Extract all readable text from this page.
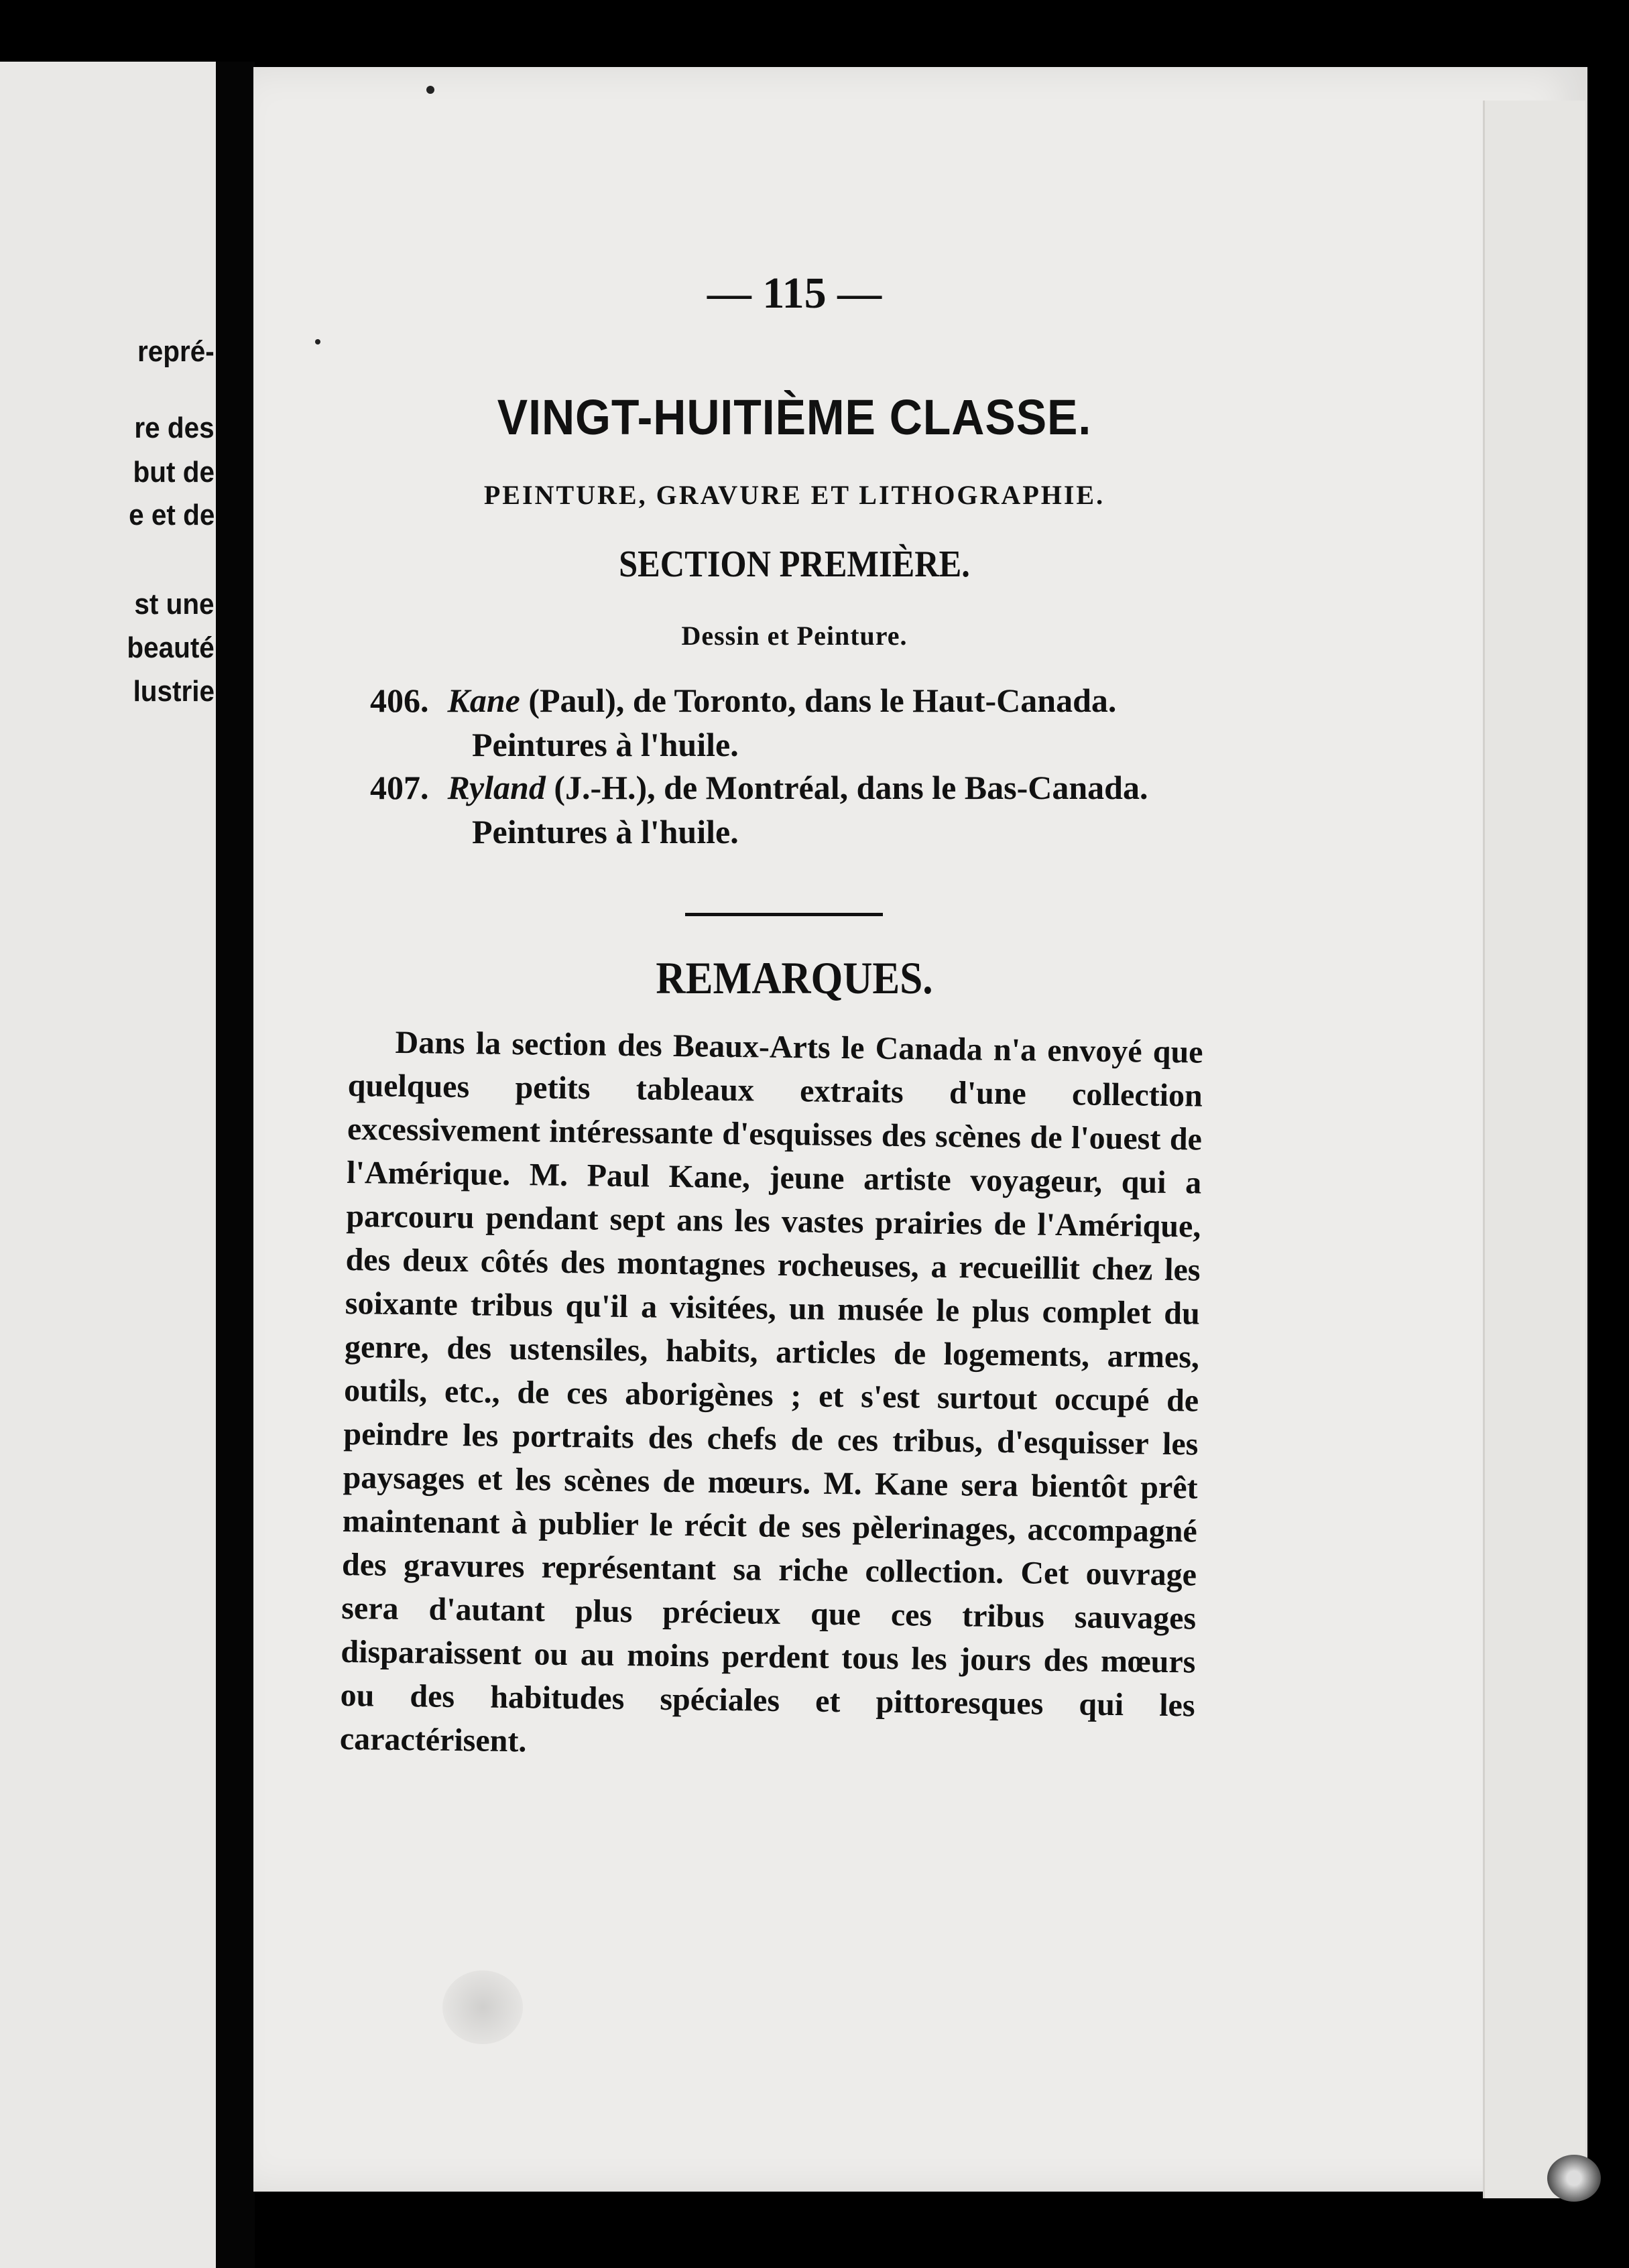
repré-
re des
but de
e et de
st une
beauté
lustrie
— 115 —
VINGT-HUITIÈME CLASSE.
PEINTURE, GRAVURE ET LITHOGRAPHIE.
SECTION PREMIÈRE.
Dessin et Peinture.
406. Kane (Paul), de Toronto, dans le Haut-Canada.
Peintures à l'huile.
407. Ryland (J.-H.), de Montréal, dans le Bas-Canada.
Peintures à l'huile.
REMARQUES.

Dans la section des Beaux-Arts le Canada n'a envoyé que quelques petits tableaux extraits d'une collection excessivement intéressante d'esquisses des scènes de l'ouest de l'Amérique. M. Paul Kane, jeune artiste voyageur, qui a parcouru pendant sept ans les vastes prairies de l'Amérique, des deux côtés des montagnes rocheuses, a recueillit chez les soixante tribus qu'il a visitées, un musée le plus complet du genre, des ustensiles, habits, articles de logements, armes, outils, etc., de ces aborigènes ; et s'est surtout occupé de peindre les portraits des chefs de ces tribus, d'esquisser les paysages et les scènes de mœurs. M. Kane sera bientôt prêt maintenant à publier le récit de ses pèlerinages, accompagné des gravures représentant sa riche collection. Cet ouvrage sera d'autant plus précieux que ces tribus sauvages disparaissent ou au moins perdent tous les jours des mœurs ou des habitudes spéciales et pittoresques qui les caractérisent.
